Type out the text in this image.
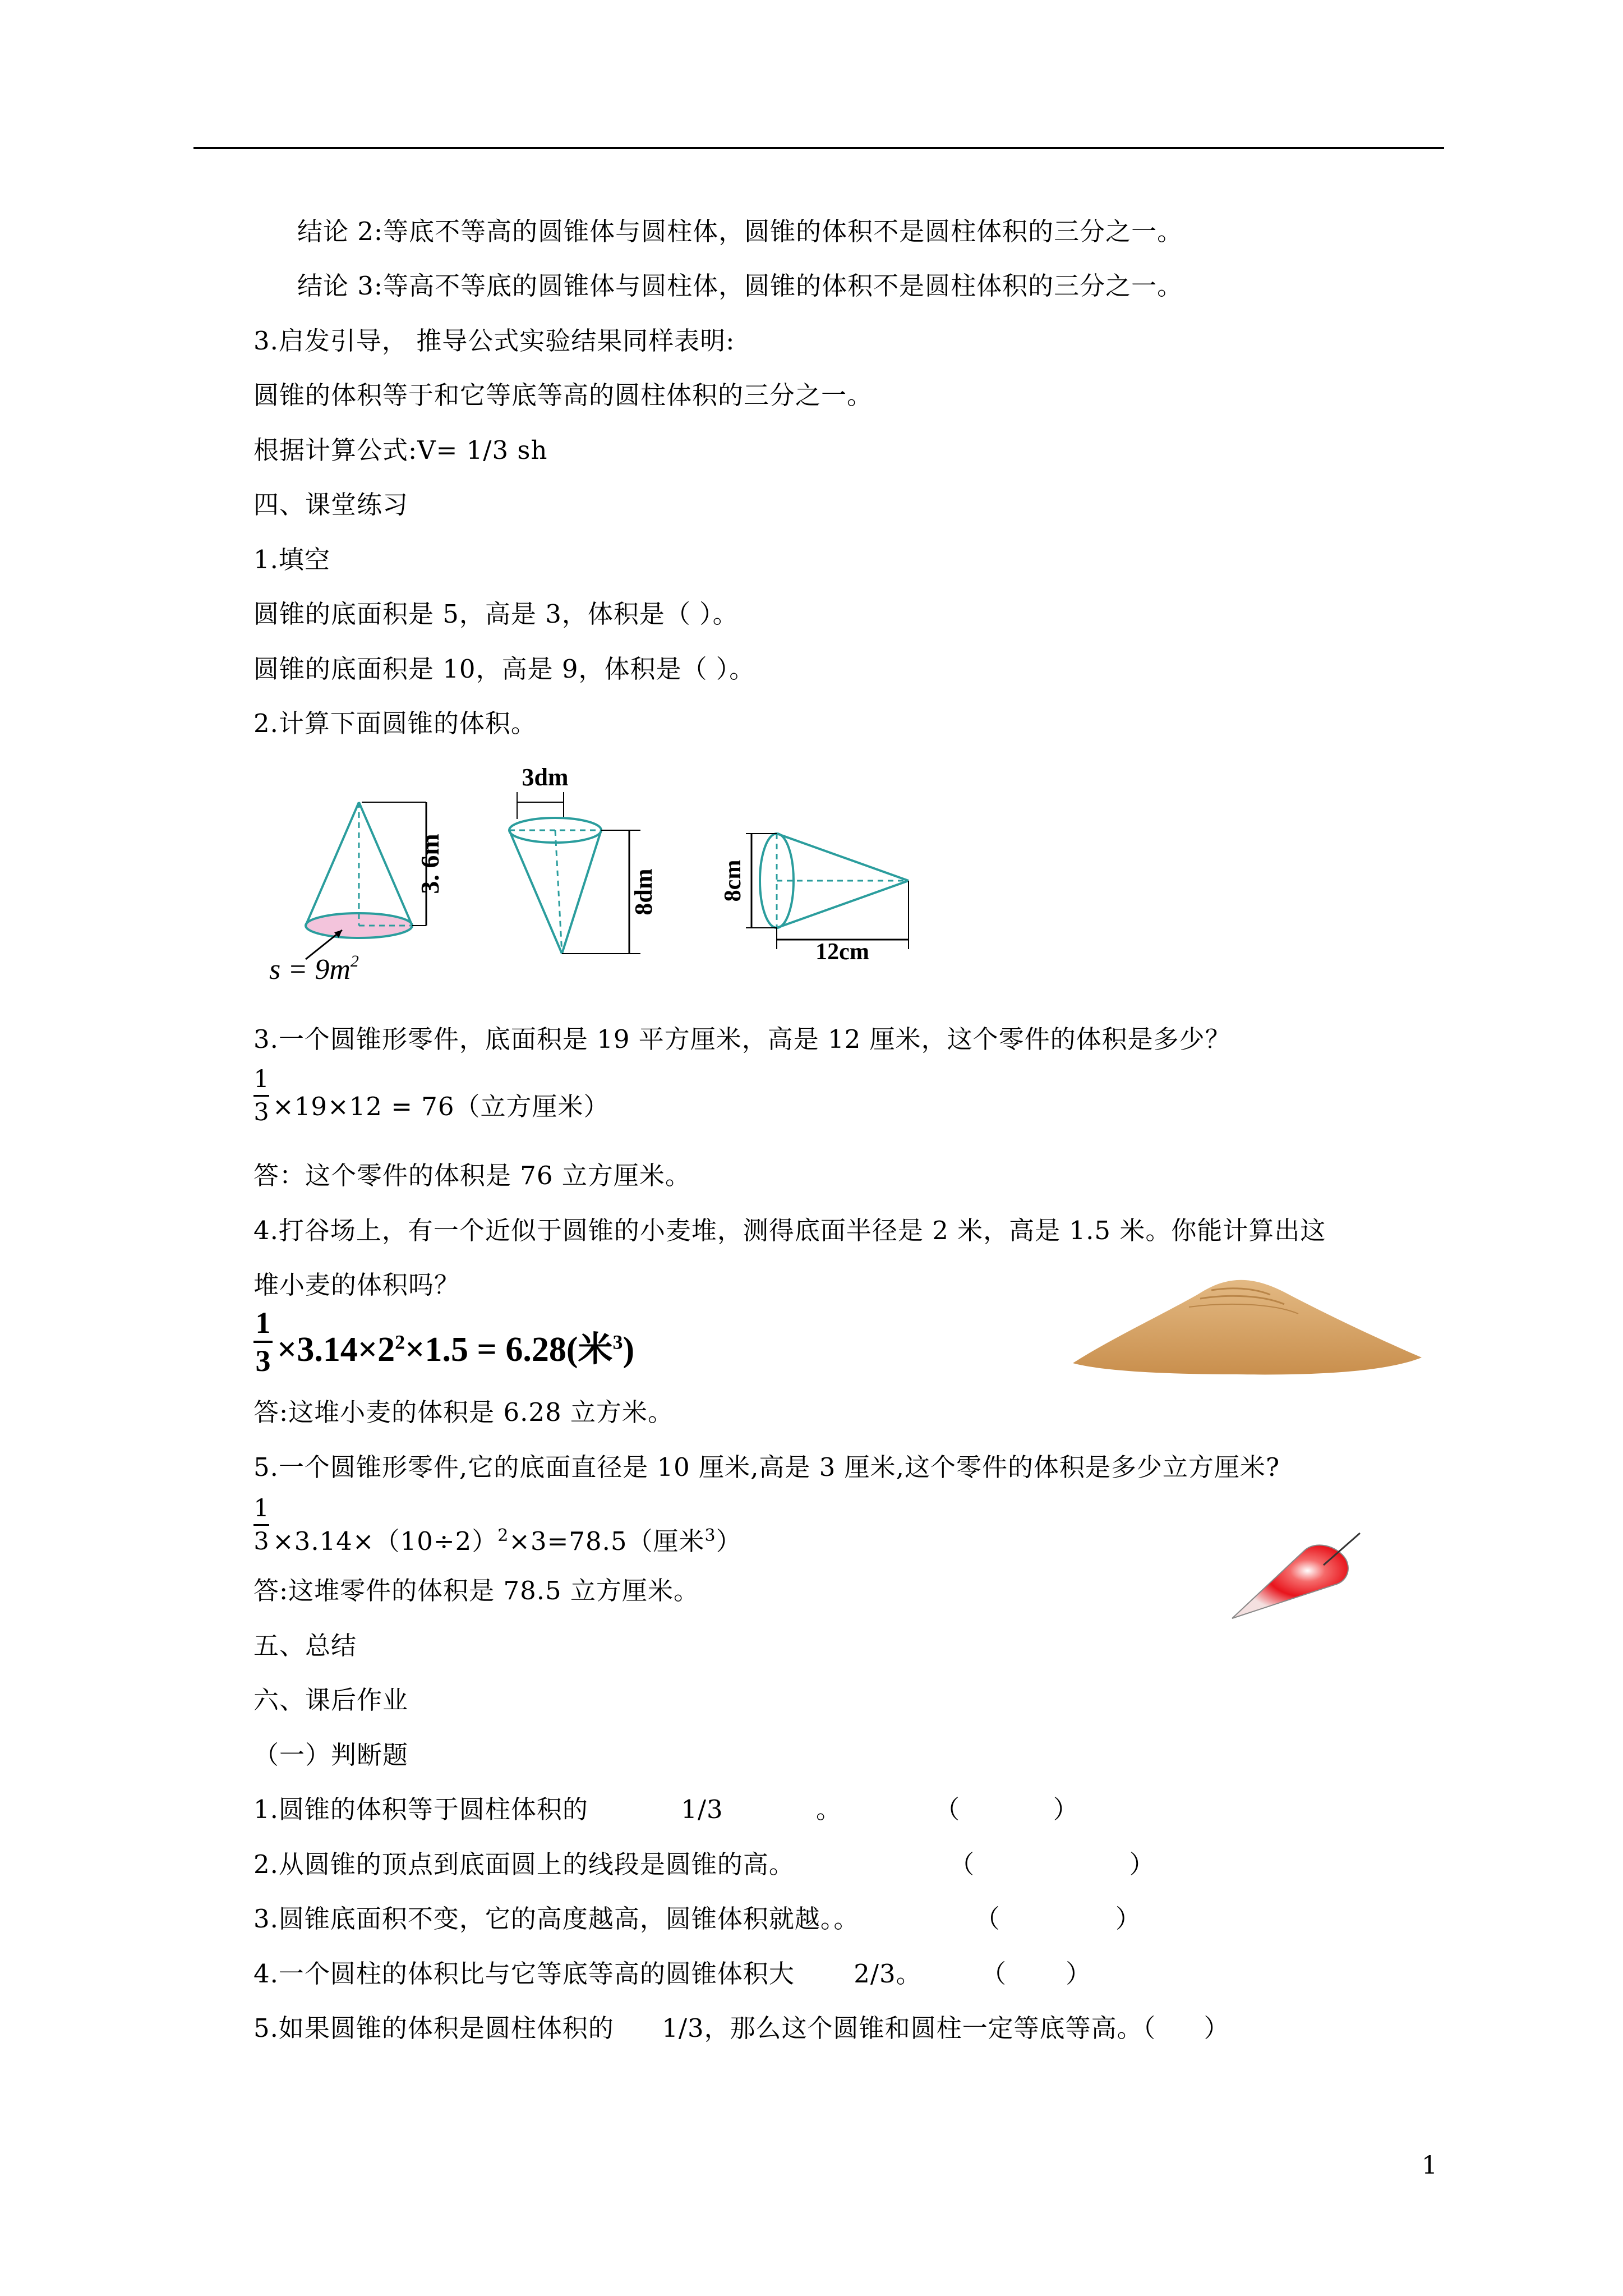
结论 2:等底不等高的圆锥体与圆柱体，圆锥的体积不是圆柱体积的三分之一。
结论 3:等高不等底的圆锥体与圆柱体，圆锥的体积不是圆柱体积的三分之一。
3.启发引导， 推导公式实验结果同样表明:
圆锥的体积等于和它等底等高的圆柱体积的三分之一。
根据计算公式:V= 1/3 sh
四、课堂练习
1.填空
圆锥的底面积是 5，高是 3，体积是（ ）。
圆锥的底面积是 10，高是 9，体积是（ ）。
2.计算下面圆锥的体积。
3. 6m
$s = 9m^2$
3dm
8dm	8cm
12cm
3.一个圆锥形零件，底面积是 19 平方厘米，高是 12 厘米，这个零件的体积是多少？
1
3 ×19×12 = 76（立方厘米）
答：这个零件的体积是 76 立方厘米。
4.打谷场上，有一个近似于圆锥的小麦堆，测得底面半径是 2 米，高是 1.5 米。你能计算出这
堆小麦的体积吗？
1
$3 \times 3.14\times 2^2\times 1.5 = 6.28$(米$^3$)
答:这堆小麦的体积是 6.28 立方米。
5.一个圆锥形零件,它的底面直径是 10 厘米,高是 3 厘米,这个零件的体积是多少立方厘米?
1
$3 \times 3.14\times(10\div 2)^2\times 3=78.5$（厘米$^3$）
答:这堆零件的体积是 78.5 立方厘米。
五、总结
六、课后作业
（一）判断题
1.圆锥的体积等于圆柱体积的 1/3 。 （ ）
2.从圆锥的顶点到底面圆上的线段是圆锥的高。 （ ）
3.圆锥底面积不变，它的高度越高，圆锥体积就越。。 （ ）
4.一个圆柱的体积比与它等底等高的圆锥体积大 2/3。 （ ）
5.如果圆锥的体积是圆柱体积的 1/3，那么这个圆锥和圆柱一定等底等高。（ ）
1
